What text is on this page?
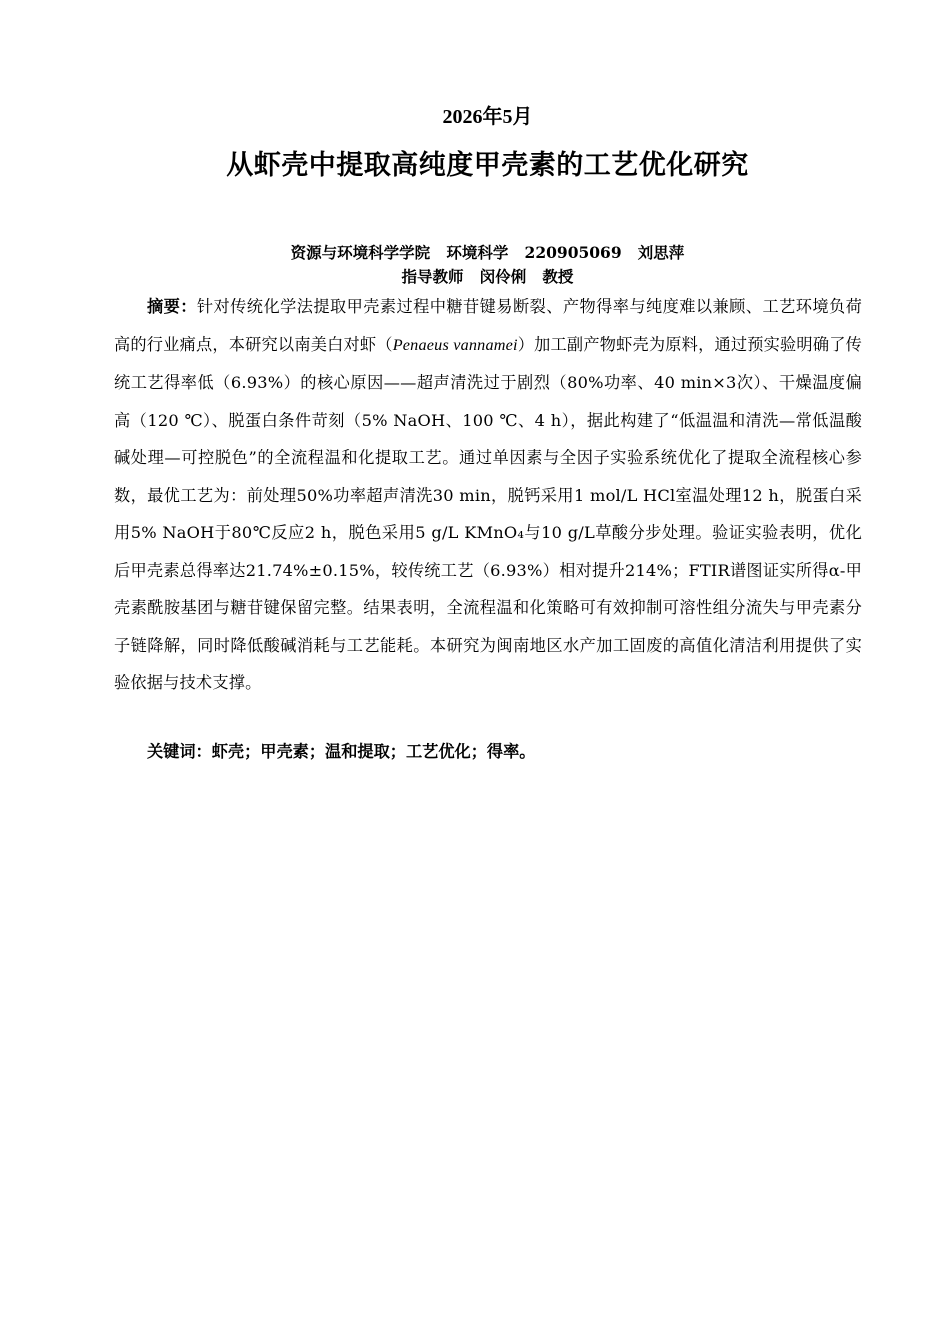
2026年5月
从虾壳中提取高纯度甲壳素的工艺优化研究
资源与环境科学学院   环境科学   220905069   刘思萍
指导教师   闵伶俐   教授

摘要：针对传统化学法提取甲壳素过程中糖苷键易断裂、产物得率与纯度难以兼顾、工艺环境负荷高的行业痛点，本研究以南美白对虾（Penaeus vannamei）加工副产物虾壳为原料，通过预实验明确了传统工艺得率低（6.93%）的核心原因——超声清洗过于剧烈（80%功率、40 min×3次）、干燥温度偏高（120 ℃）、脱蛋白条件苛刻（5% NaOH、100 ℃、4 h），据此构建了“低温温和清洗—常低温酸碱处理—可控脱色”的全流程温和化提取工艺。通过单因素与全因子实验系统优化了提取全流程核心参数，最优工艺为：前处理50%功率超声清洗30 min，脱钙采用1 mol/L HCl室温处理12 h，脱蛋白采用5% NaOH于80℃反应2 h，脱色采用5 g/L KMnO₄与10 g/L草酸分步处理。验证实验表明，优化后甲壳素总得率达21.74%±0.15%，较传统工艺（6.93%）相对提升214%；FTIR谱图证实所得α-甲壳素酰胺基团与糖苷键保留完整。结果表明，全流程温和化策略可有效抑制可溶性组分流失与甲壳素分子链降解，同时降低酸碱消耗与工艺能耗。本研究为闽南地区水产加工固废的高值化清洁利用提供了实验依据与技术支撑。

关键词：虾壳；甲壳素；温和提取；工艺优化；得率。
